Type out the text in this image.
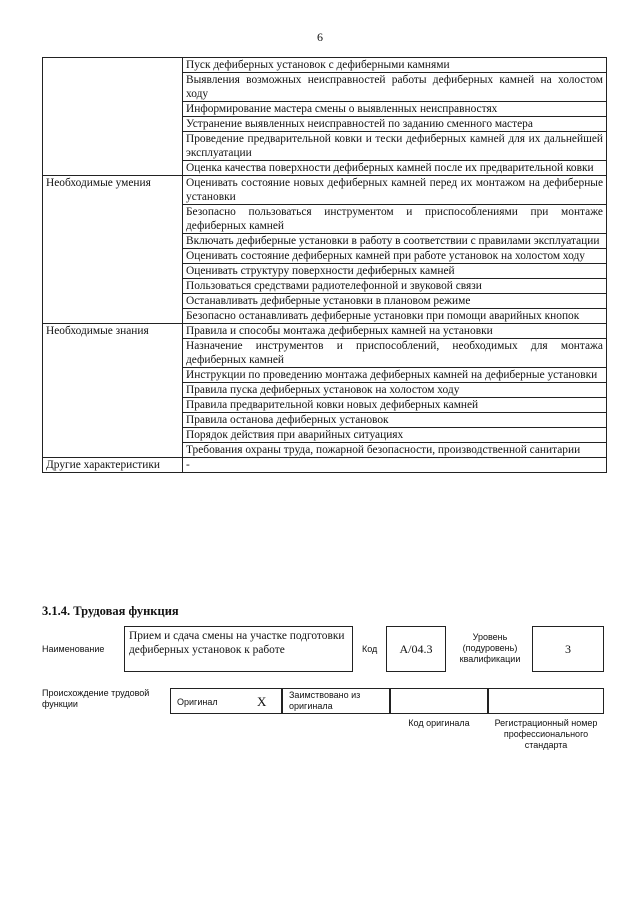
6
	Пуск дефиберных установок с дефиберными камнями
	Выявления возможных неисправностей работы дефиберных камней на холостом ходу
	Информирование мастера смены о выявленных неисправностях
	Устранение выявленных неисправностей по заданию сменного мастера
	Проведение предварительной ковки и тески дефиберных камней для их дальнейшей эксплуатации
	Оценка качества поверхности дефиберных камней после их предварительной ковки
Необходимые умения	Оценивать состояние новых дефиберных камней перед их монтажом на дефиберные установки
	Безопасно пользоваться инструментом и приспособлениями при монтаже дефиберных камней
	Включать дефиберные установки в работу в соответствии с правилами эксплуатации
	Оценивать состояние дефиберных камней при работе установок на холостом ходу
	Оценивать структуру поверхности дефиберных камней
	Пользоваться средствами радиотелефонной и звуковой связи
	Останавливать дефиберные установки в плановом режиме
	Безопасно останавливать дефиберные установки при помощи аварийных кнопок
Необходимые знания	Правила и способы монтажа дефиберных камней на установки
	Назначение инструментов и приспособлений, необходимых для монтажа дефиберных камней
	Инструкции по проведению монтажа дефиберных камней на дефиберные установки
	Правила пуска дефиберных установок на холостом ходу
	Правила предварительной ковки новых дефиберных камней
	Правила останова дефиберных установок
	Порядок действия при аварийных ситуациях
	Требования охраны труда, пожарной безопасности, производственной санитарии
Другие характеристики	-
3.1.4. Трудовая функция
Наименование
Прием и сдача смены на участке подготовки дефиберных установок к работе	Код	A/04.3
Уровень (подуровень) квалификации
3
Происхождение трудовой функции	Оригинал	X	Заимствовано из оригинала
Код оригинала	Регистрационный номер профессионального стандарта
